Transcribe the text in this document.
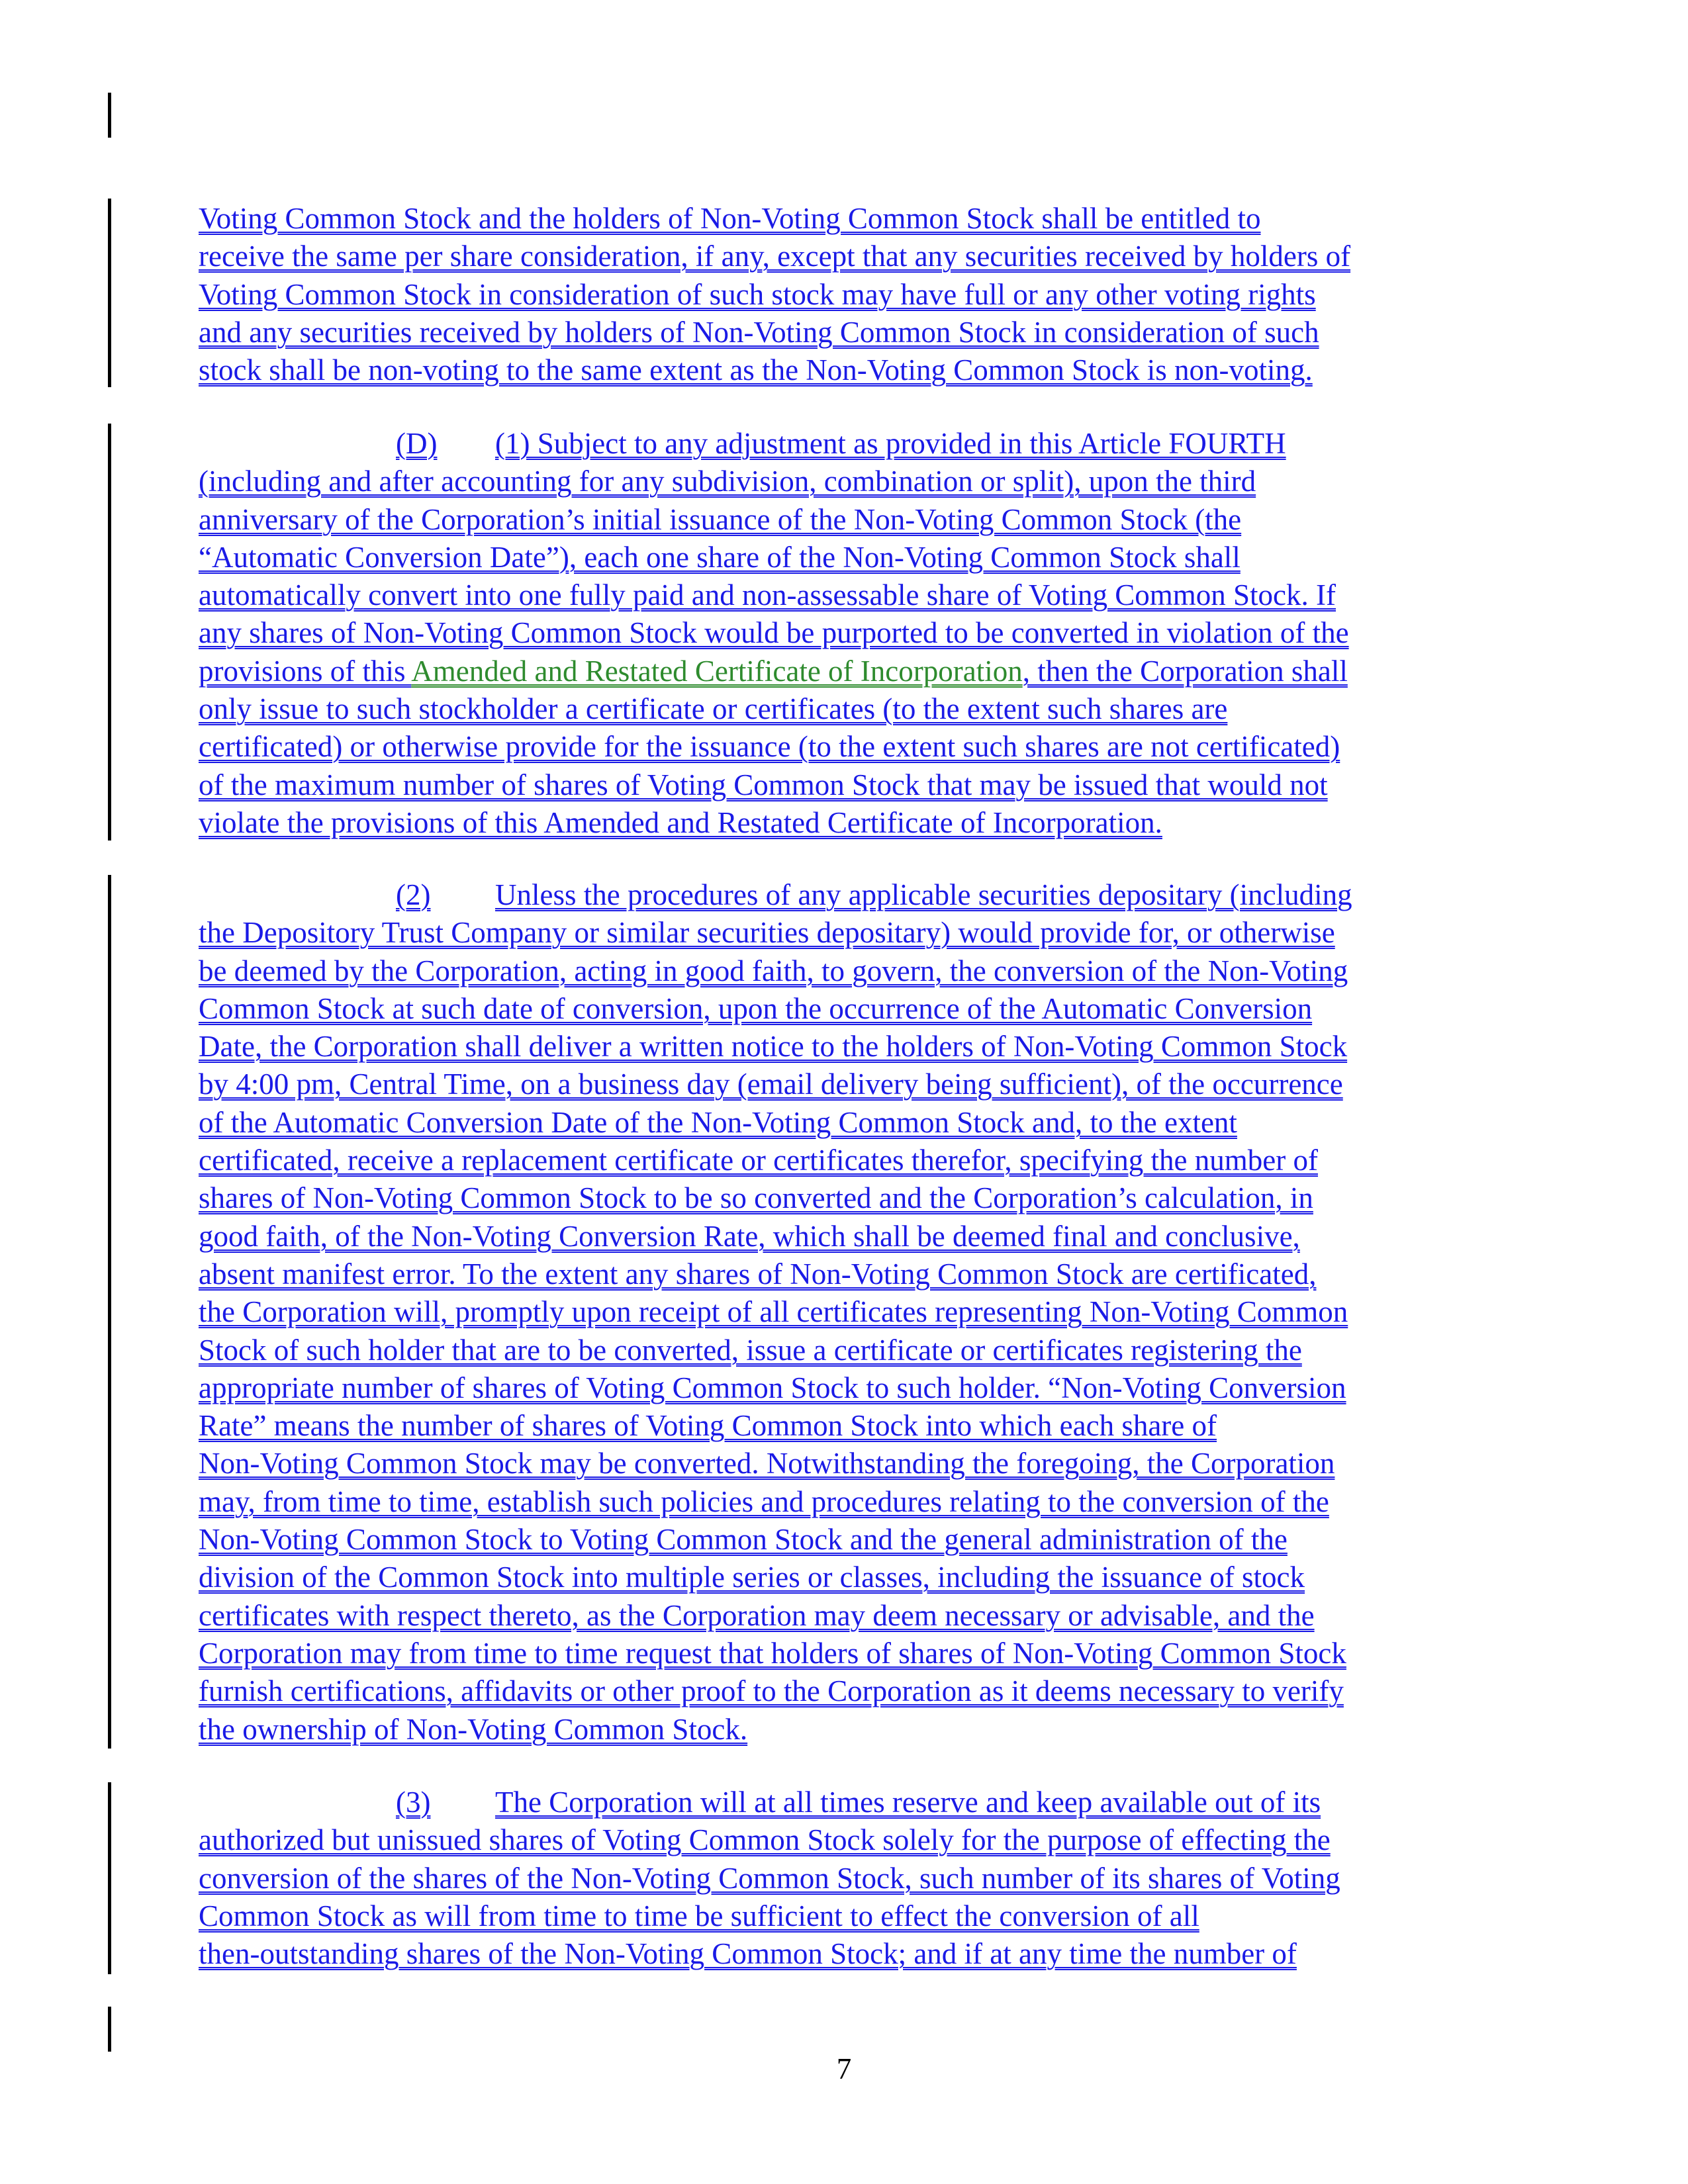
Voting Common Stock and the holders of Non-Voting Common Stock shall be entitled to
receive the same per share consideration, if any, except that any securities received by holders of
Voting Common Stock in consideration of such stock may have full or any other voting rights
and any securities received by holders of Non-Voting Common Stock in consideration of such
stock shall be non-voting to the same extent as the Non-Voting Common Stock is non-voting.
(D) (1) Subject to any adjustment as provided in this Article FOURTH
(including and after accounting for any subdivision, combination or split), upon the third
anniversary of the Corporation’s initial issuance of the Non-Voting Common Stock (the
“Automatic Conversion Date”), each one share of the Non-Voting Common Stock shall
automatically convert into one fully paid and non-assessable share of Voting Common Stock. If
any shares of Non-Voting Common Stock would be purported to be converted in violation of the
provisions of this Amended and Restated Certificate of Incorporation, then the Corporation shall
only issue to such stockholder a certificate or certificates (to the extent such shares are
certificated) or otherwise provide for the issuance (to the extent such shares are not certificated)
of the maximum number of shares of Voting Common Stock that may be issued that would not
violate the provisions of this Amended and Restated Certificate of Incorporation.
(2) Unless the procedures of any applicable securities depositary (including
the Depository Trust Company or similar securities depositary) would provide for, or otherwise
be deemed by the Corporation, acting in good faith, to govern, the conversion of the Non-Voting
Common Stock at such date of conversion, upon the occurrence of the Automatic Conversion
Date, the Corporation shall deliver a written notice to the holders of Non-Voting Common Stock
by 4:00 pm, Central Time, on a business day (email delivery being sufficient), of the occurrence
of the Automatic Conversion Date of the Non-Voting Common Stock and, to the extent
certificated, receive a replacement certificate or certificates therefor, specifying the number of
shares of Non-Voting Common Stock to be so converted and the Corporation’s calculation, in
good faith, of the Non-Voting Conversion Rate, which shall be deemed final and conclusive,
absent manifest error. To the extent any shares of Non-Voting Common Stock are certificated,
the Corporation will, promptly upon receipt of all certificates representing Non-Voting Common
Stock of such holder that are to be converted, issue a certificate or certificates registering the
appropriate number of shares of Voting Common Stock to such holder. “Non-Voting Conversion
Rate” means the number of shares of Voting Common Stock into which each share of
Non-Voting Common Stock may be converted. Notwithstanding the foregoing, the Corporation
may, from time to time, establish such policies and procedures relating to the conversion of the
Non-Voting Common Stock to Voting Common Stock and the general administration of the
division of the Common Stock into multiple series or classes, including the issuance of stock
certificates with respect thereto, as the Corporation may deem necessary or advisable, and the
Corporation may from time to time request that holders of shares of Non-Voting Common Stock
furnish certifications, affidavits or other proof to the Corporation as it deems necessary to verify
the ownership of Non-Voting Common Stock.
(3) The Corporation will at all times reserve and keep available out of its
authorized but unissued shares of Voting Common Stock solely for the purpose of effecting the
conversion of the shares of the Non-Voting Common Stock, such number of its shares of Voting
Common Stock as will from time to time be sufficient to effect the conversion of all
then-outstanding shares of the Non-Voting Common Stock; and if at any time the number of
7
